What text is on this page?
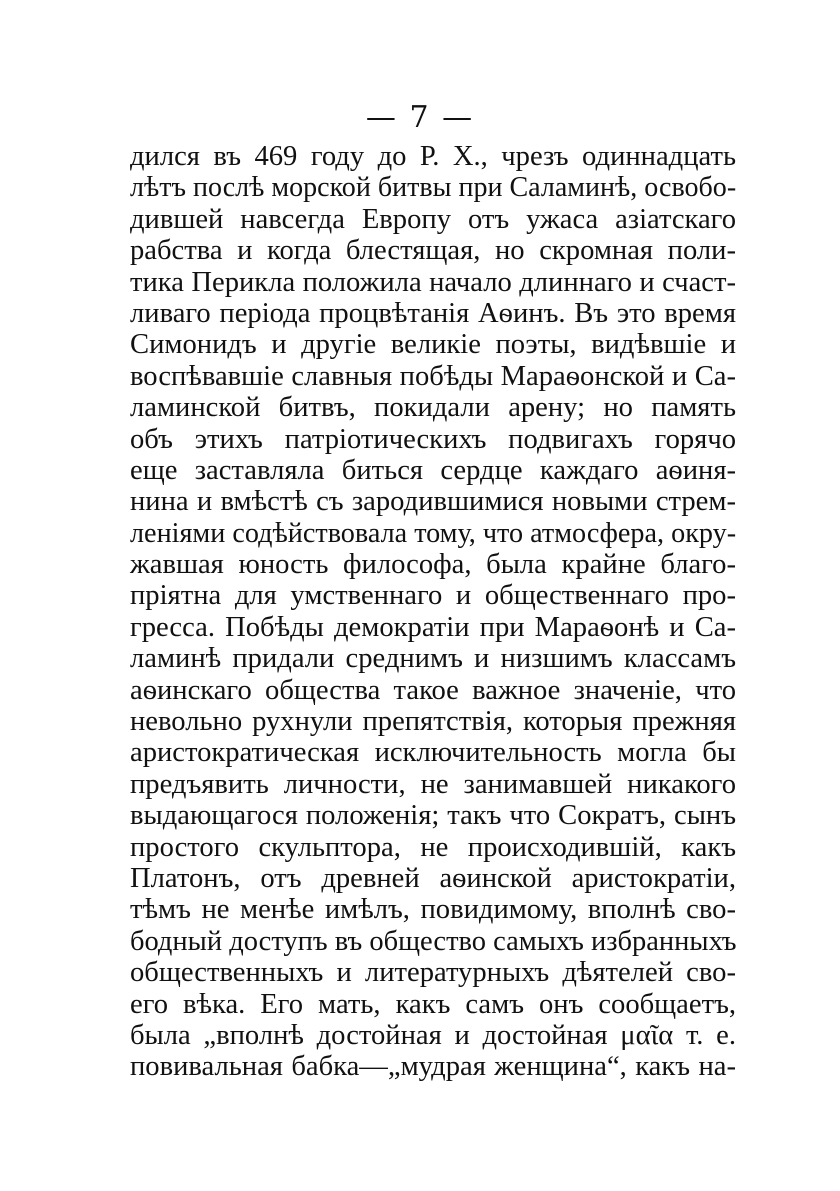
— 7 —
дился въ 469 году до Р. Х., чрезъ одиннадцать
лѣтъ послѣ морской битвы при Саламинѣ, освобо-
дившей навсегда Европу отъ ужаса азіатскаго
рабства и когда блестящая, но скромная поли-
тика Перикла положила начало длиннаго и счаст-
ливаго періода процвѣтанія Аѳинъ. Въ это время
Симонидъ и другіе великіе поэты, видѣвшіе и
воспѣвавшіе славныя побѣды Мараѳонской и Са-
ламинской битвъ, покидали арену; но память
объ этихъ патріотическихъ подвигахъ горячо
еще заставляла биться сердце каждаго аѳиня-
нина и вмѣстѣ съ зародившимися новыми стрем-
леніями содѣйствовала тому, что атмосфера, окру-
жавшая юность философа, была крайне благо-
пріятна для умственнаго и общественнаго про-
гресса. Побѣды демократіи при Мараѳонѣ и Са-
ламинѣ придали среднимъ и низшимъ классамъ
аѳинскаго общества такое важное значеніе, что
невольно рухнули препятствія, которыя прежняя
аристократическая исключительность могла бы
предъявить личности, не занимавшей никакого
выдающагося положенія; такъ что Сократъ, сынъ
простого скульптора, не происходившій, какъ
Платонъ, отъ древней аѳинской аристократіи,
тѣмъ не менѣе имѣлъ, повидимому, вполнѣ сво-
бодный доступъ въ общество самыхъ избранныхъ
общественныхъ и литературныхъ дѣятелей сво-
его вѣка. Его мать, какъ самъ онъ сообщаетъ,
была „вполнѣ достойная и достойная μαῖα т. е.
повивальная бабка—„мудрая женщина“, какъ на-
